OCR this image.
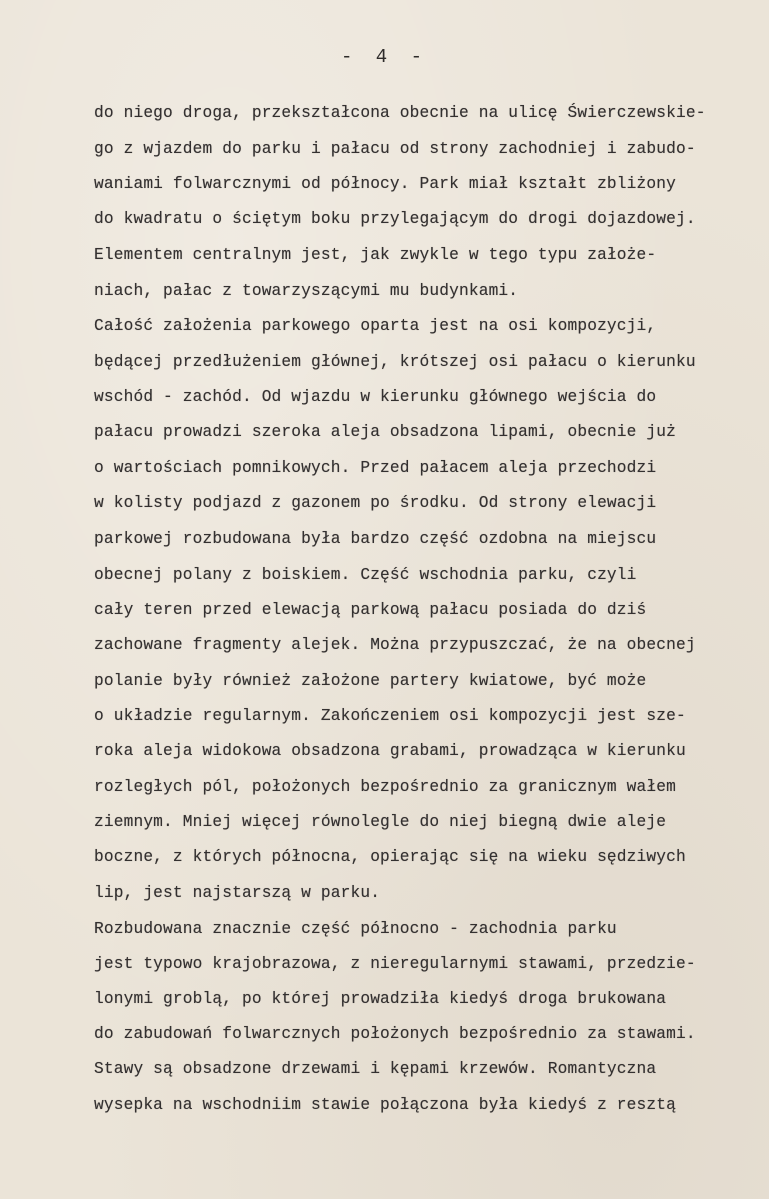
- 4 -
do niego droga, przekształcona obecnie na ulicę Świerczewskie-
go z wjazdem do parku i pałacu od strony zachodniej i zabudo-
waniami folwarcznymi od północy. Park miał kształt zbliżony
do kwadratu o ściętym boku przylegającym do drogi dojazdowej.
Elementem centralnym jest, jak zwykle w tego typu założe-
niach, pałac z towarzyszącymi mu budynkami.
Całość założenia parkowego oparta jest na osi kompozycji,
będącej przedłużeniem głównej, krótszej osi pałacu o kierunku
wschód - zachód. Od wjazdu w kierunku głównego wejścia do
pałacu prowadzi szeroka aleja obsadzona lipami, obecnie już
o wartościach pomnikowych. Przed pałacem aleja przechodzi
w kolisty podjazd z gazonem po środku. Od strony elewacji
parkowej rozbudowana była bardzo część ozdobna na miejscu
obecnej polany z boiskiem. Część wschodnia parku, czyli
cały teren przed elewacją parkową pałacu posiada do dziś
zachowane fragmenty alejek. Można przypuszczać, że na obecnej
polanie były również założone partery kwiatowe, być może
o układzie regularnym. Zakończeniem osi kompozycji jest sze-
roka aleja widokowa obsadzona grabami, prowadząca w kierunku
rozległych pól, położonych bezpośrednio za granicznym wałem
ziemnym. Mniej więcej równolegle do niej biegną dwie aleje
boczne, z których północna, opierając się na wieku sędziwych
lip, jest najstarszą w parku.
Rozbudowana znacznie część północno - zachodnia parku
jest typowo krajobrazowa, z nieregularnymi stawami, przedzie-
lonymi groblą, po której prowadziła kiedyś droga brukowana
do zabudowań folwarcznych położonych bezpośrednio za stawami.
Stawy są obsadzone drzewami i kępami krzewów. Romantyczna
wysepka na wschodniim stawie połączona była kiedyś z resztą
